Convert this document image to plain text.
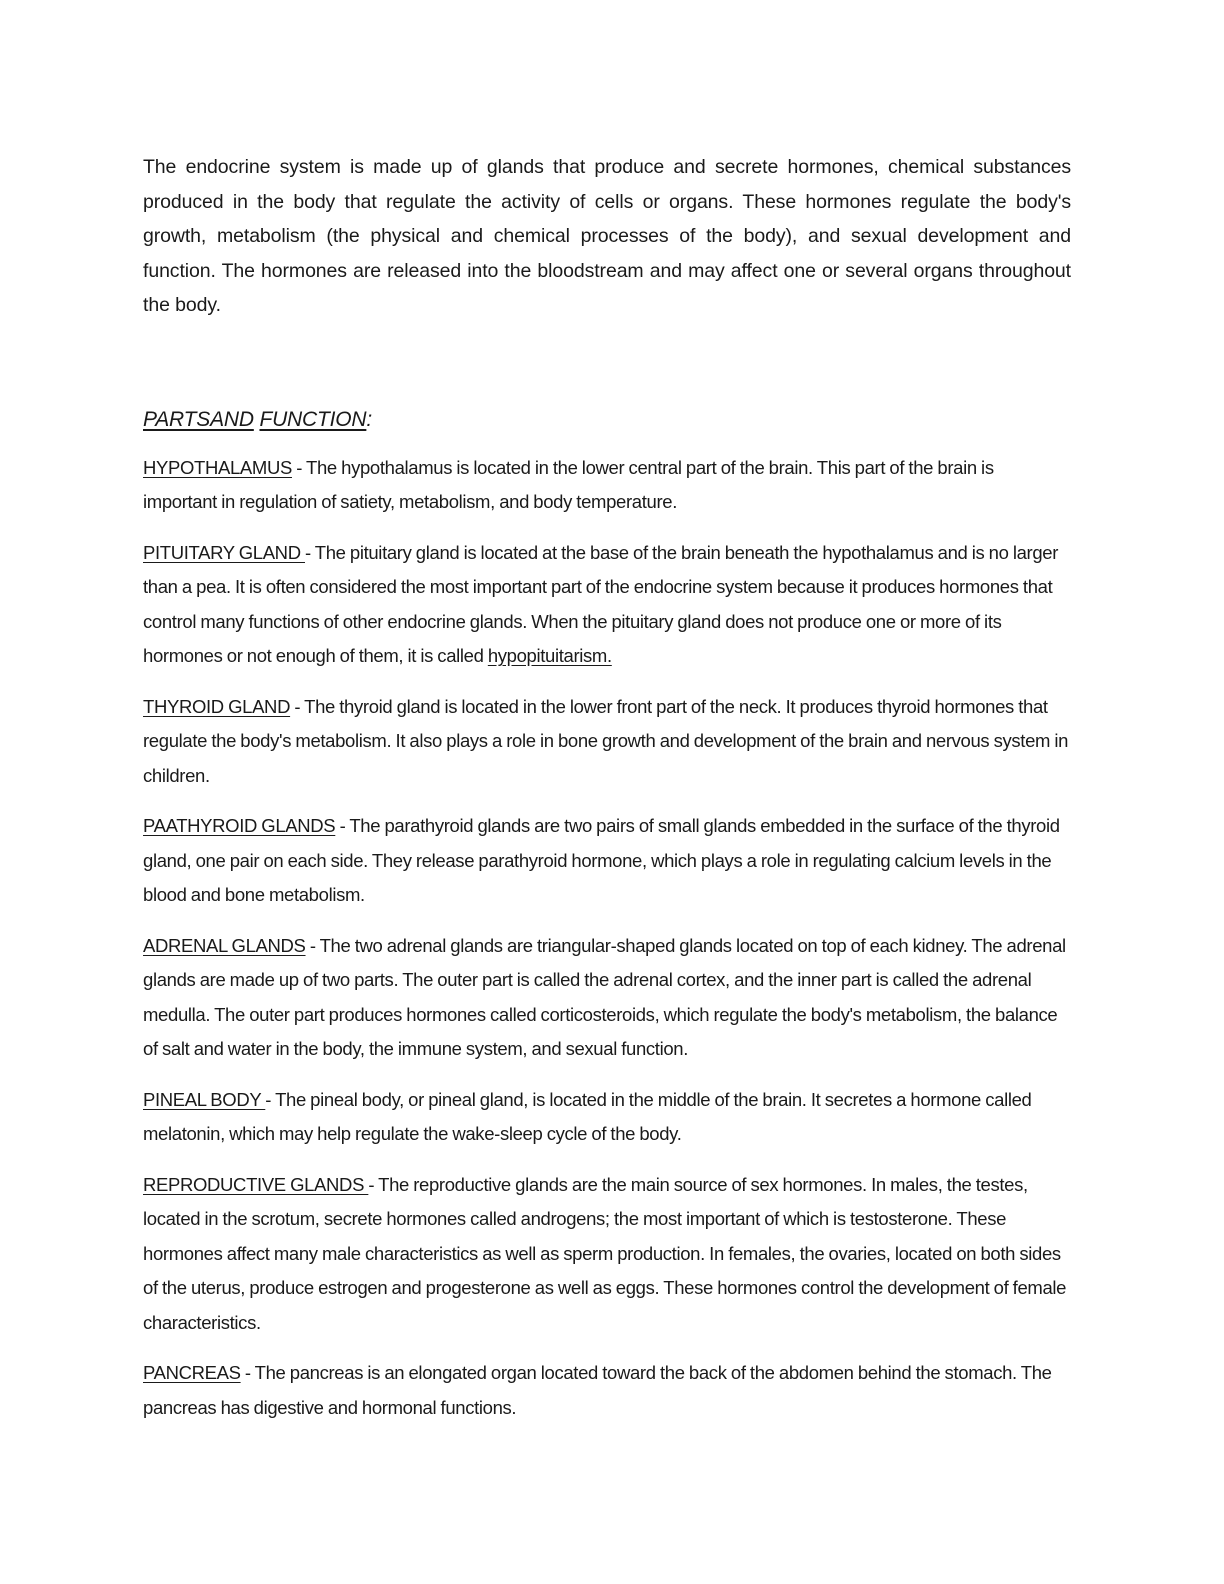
The endocrine system is made up of glands that produce and secrete hormones, chemical substances produced in the body that regulate the activity of cells or organs. These hormones regulate the body's growth, metabolism (the physical and chemical processes of the body), and sexual development and function. The hormones are released into the bloodstream and may affect one or several organs throughout the body.

PARTSAND FUNCTION:

HYPOTHALAMUS - The hypothalamus is located in the lower central part of the brain. This part of the brain is important in regulation of satiety, metabolism, and body temperature.

PITUITARY GLAND - The pituitary gland is located at the base of the brain beneath the hypothalamus and is no larger than a pea. It is often considered the most important part of the endocrine system because it produces hormones that control many functions of other endocrine glands. When the pituitary gland does not produce one or more of its hormones or not enough of them, it is called hypopituitarism.

THYROID GLAND - The thyroid gland is located in the lower front part of the neck. It produces thyroid hormones that regulate the body's metabolism. It also plays a role in bone growth and development of the brain and nervous system in children.

PAATHYROID GLANDS - The parathyroid glands are two pairs of small glands embedded in the surface of the thyroid gland, one pair on each side. They release parathyroid hormone, which plays a role in regulating calcium levels in the blood and bone metabolism.

ADRENAL GLANDS - The two adrenal glands are triangular-shaped glands located on top of each kidney. The adrenal glands are made up of two parts. The outer part is called the adrenal cortex, and the inner part is called the adrenal medulla. The outer part produces hormones called corticosteroids, which regulate the body's metabolism, the balance of salt and water in the body, the immune system, and sexual function.

PINEAL BODY - The pineal body, or pineal gland, is located in the middle of the brain. It secretes a hormone called melatonin, which may help regulate the wake-sleep cycle of the body.

REPRODUCTIVE GLANDS - The reproductive glands are the main source of sex hormones. In males, the testes, located in the scrotum, secrete hormones called androgens; the most important of which is testosterone. These hormones affect many male characteristics as well as sperm production. In females, the ovaries, located on both sides of the uterus, produce estrogen and progesterone as well as eggs. These hormones control the development of female characteristics.

PANCREAS - The pancreas is an elongated organ located toward the back of the abdomen behind the stomach. The pancreas has digestive and hormonal functions.
